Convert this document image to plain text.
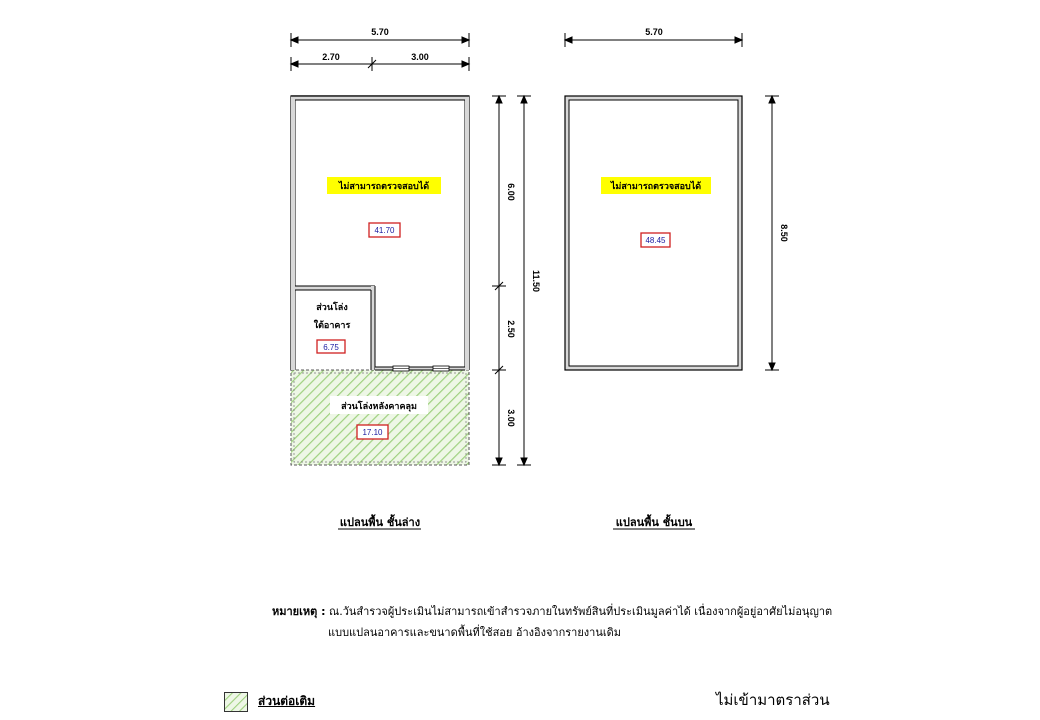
5.70
2.70	3.00
ไม่สามารถตรวจสอบได้
41.70
ส่วนโล่ง
ใต้อาคาร
6.75
ส่วนโล่งหลังคาคลุม
17.10
6.00
2.50
3.00
11.50
แปลนพื้น ชั้นล่าง
5.70
ไม่สามารถตรวจสอบได้
48.45	8.50
แปลนพื้น ชั้นบน
หมายเหตุ : ณ.วันสำรวจผู้ประเมินไม่สามารถเข้าสำรวจภายในทรัพย์สินที่ประเมินมูลค่าได้ เนื่องจากผู้อยู่อาศัยไม่อนุญาต
แบบแปลนอาคารและขนาดพื้นที่ใช้สอย อ้างอิงจากรายงานเดิม
ส่วนต่อเติม	ไม่เข้ามาตราส่วน
